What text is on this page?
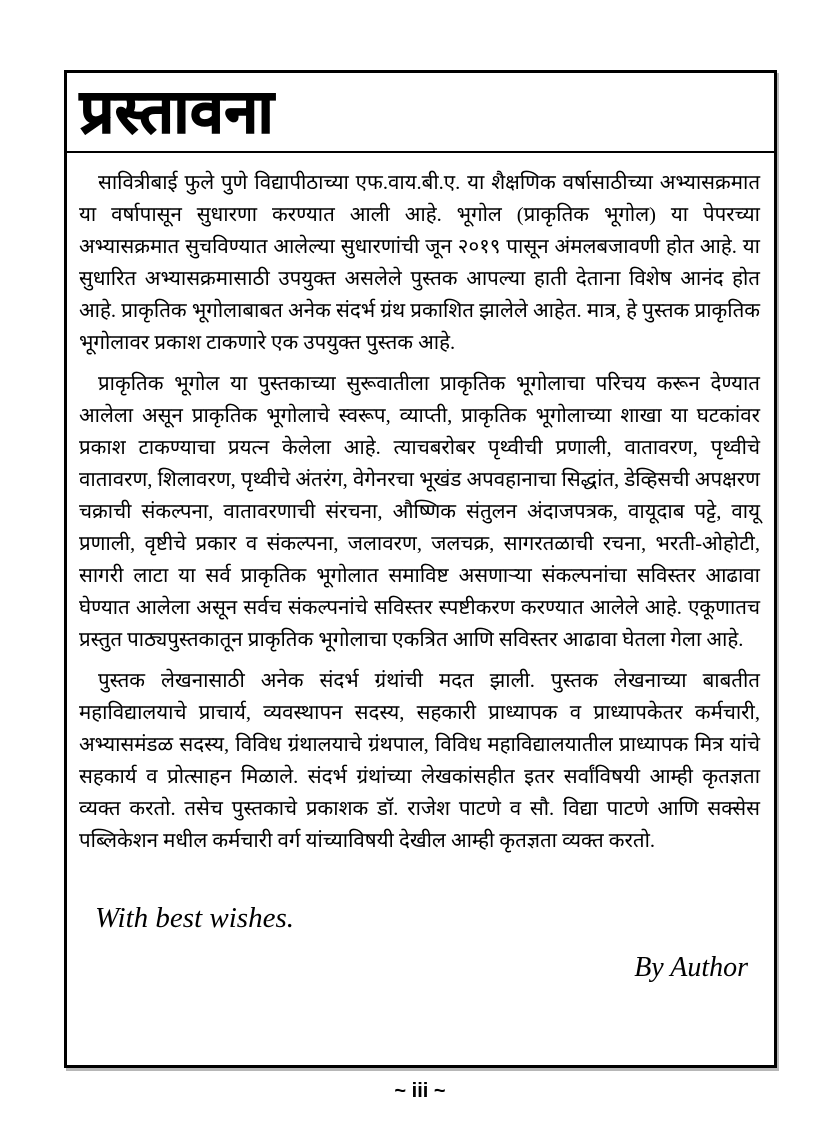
प्रस्तावना

सावित्रीबाई फुले पुणे विद्यापीठाच्या एफ.वाय.बी.ए. या शैक्षणिक वर्षासाठीच्या अभ्यासक्रमात या वर्षापासून सुधारणा करण्यात आली आहे. भूगोल (प्राकृतिक भूगोल) या पेपरच्या अभ्यासक्रमात सुचविण्यात आलेल्या सुधारणांची जून २०१९ पासून अंमलबजावणी होत आहे. या सुधारित अभ्यासक्रमासाठी उपयुक्त असलेले पुस्तक आपल्या हाती देताना विशेष आनंद होत आहे. प्राकृतिक भूगोलाबाबत अनेक संदर्भ ग्रंथ प्रकाशित झालेले आहेत. मात्र, हे पुस्तक प्राकृतिक भूगोलावर प्रकाश टाकणारे एक उपयुक्त पुस्तक आहे.

प्राकृतिक भूगोल या पुस्तकाच्या सुरूवातीला प्राकृतिक भूगोलाचा परिचय करून देण्यात आलेला असून प्राकृतिक भूगोलाचे स्वरूप, व्याप्ती, प्राकृतिक भूगोलाच्या शाखा या घटकांवर प्रकाश टाकण्याचा प्रयत्न केलेला आहे. त्याचबरोबर पृथ्वीची प्रणाली, वातावरण, पृथ्वीचे वातावरण, शिलावरण, पृथ्वीचे अंतरंग, वेगेनरचा भूखंड अपवहानाचा सिद्धांत, डेव्हिसची अपक्षरण चक्राची संकल्पना, वातावरणाची संरचना, औष्णिक संतुलन अंदाजपत्रक, वायूदाब पट्टे, वायू प्रणाली, वृष्टीचे प्रकार व संकल्पना, जलावरण, जलचक्र, सागरतळाची रचना, भरती-ओहोटी, सागरी लाटा या सर्व प्राकृतिक भूगोलात समाविष्ट असणाऱ्या संकल्पनांचा सविस्तर आढावा घेण्यात आलेला असून सर्वच संकल्पनांचे सविस्तर स्पष्टीकरण करण्यात आलेले आहे. एकूणातच प्रस्तुत पाठ्यपुस्तकातून प्राकृतिक भूगोलाचा एकत्रित आणि सविस्तर आढावा घेतला गेला आहे.

पुस्तक लेखनासाठी अनेक संदर्भ ग्रंथांची मदत झाली. पुस्तक लेखनाच्या बाबतीत महाविद्यालयाचे प्राचार्य, व्यवस्थापन सदस्य, सहकारी प्राध्यापक व प्राध्यापकेतर कर्मचारी, अभ्यासमंडळ सदस्य, विविध ग्रंथालयाचे ग्रंथपाल, विविध महाविद्यालयातील प्राध्यापक मित्र यांचे सहकार्य व प्रोत्साहन मिळाले. संदर्भ ग्रंथांच्या लेखकांसहीत इतर सर्वांविषयी आम्ही कृतज्ञता व्यक्त करतो. तसेच पुस्तकाचे प्रकाशक डॉ. राजेश पाटणे व सौ. विद्या पाटणे आणि सक्सेस पब्लिकेशन मधील कर्मचारी वर्ग यांच्याविषयी देखील आम्ही कृतज्ञता व्यक्त करतो.

With best wishes.
By Author
~ iii ~
